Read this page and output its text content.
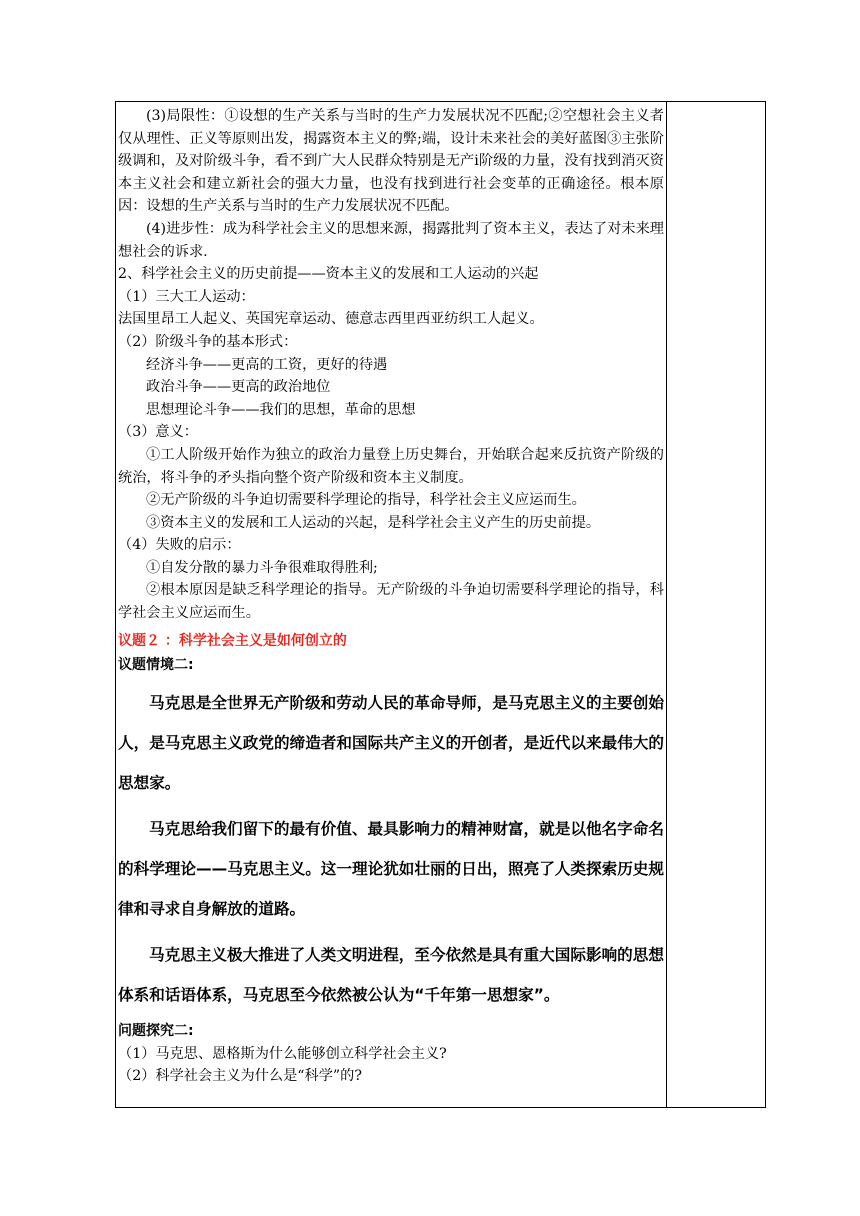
(3)局限性：①设想的生产关系与当时的生产力发展状况不匹配;②空想社会主义者仅从理性、正义等原则出发，揭露资本主义的弊;端，设计未来社会的美好蓝图③主张阶级调和，及对阶级斗争，看不到广大人民群众特别是无产ⅰ阶级的力量，没有找到消灭资本主义社会和建立新社会的强大力量，也没有找到进行社会变革的正确途径。根本原因：设想的生产关系与当时的生产力发展状况不匹配。

(4)进步性：成为科学社会主义的思想来源，揭露批判了资本主义，表达了对未来理想社会的诉求.

2、科学社会主义的历史前提——资本主义的发展和工人运动的兴起

（1）三大工人运动：

法国里昂工人起义、英国宪章运动、德意志西里西亚纺织工人起义。

（2）阶级斗争的基本形式：

经济斗争——更高的工资，更好的待遇

政治斗争——更高的政治地位

思想理论斗争——我们的思想，革命的思想

（3）意义：

①工人阶级开始作为独立的政治力量登上历史舞台，开始联合起来反抗资产阶级的统治，将斗争的矛头指向整个资产阶级和资本主义制度。

②无产阶级的斗争迫切需要科学理论的指导，科学社会主义应运而生。

③资本主义的发展和工人运动的兴起，是科学社会主义产生的历史前提。

（4）失败的启示：

①自发分散的暴力斗争很难取得胜利;

②根本原因是缺乏科学理论的指导。无产阶级的斗争迫切需要科学理论的指导，科学社会主义应运而生。

议题２ ：科学社会主义是如何创立的

议题情境二:

马克思是全世界无产阶级和劳动人民的革命导师，是马克思主义的主要创始人，是马克思主义政党的缔造者和国际共产主义的开创者，是近代以来最伟大的思想家。

马克思给我们留下的最有价值、最具影响力的精神财富，就是以他名字命名的科学理论——马克思主义。这一理论犹如壮丽的日出，照亮了人类探索历史规律和寻求自身解放的道路。

马克思主义极大推进了人类文明进程，至今依然是具有重大国际影响的思想体系和话语体系，马克思至今依然被公认为“千年第一思想家”。

问题探究二:

（1）马克思、恩格斯为什么能够创立科学社会主义?

（2）科学社会主义为什么是“科学”的?
